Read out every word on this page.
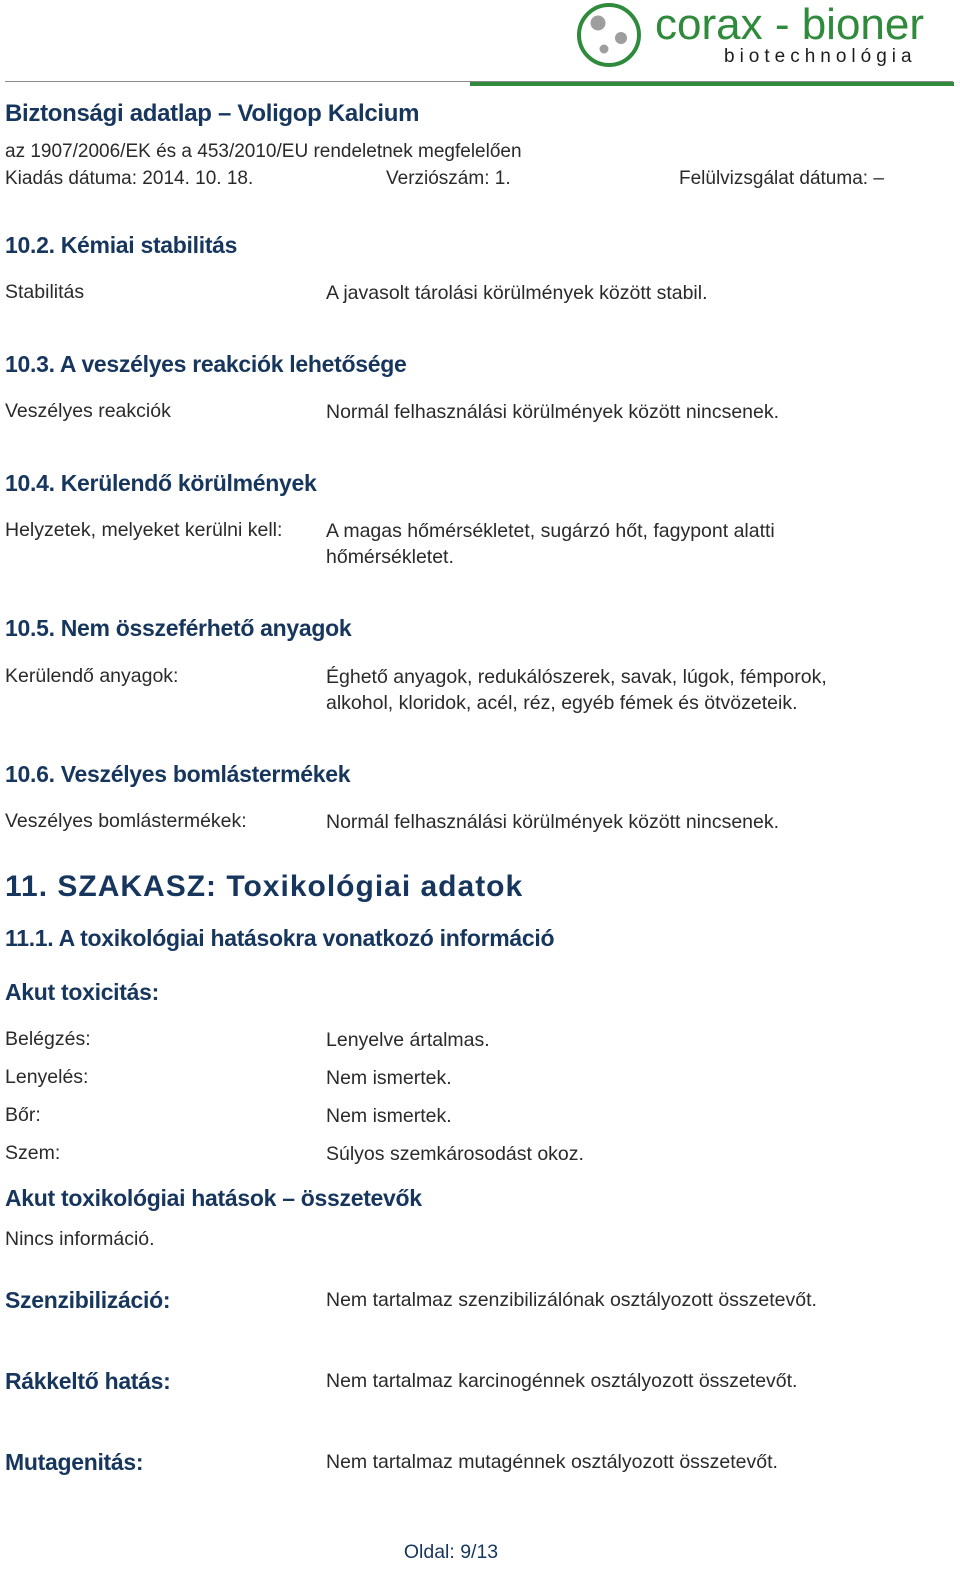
corax - bioner
biotechnológia
Biztonsági adatlap – Voligop Kalcium
az 1907/2006/EK és a 453/2010/EU rendeletnek megfelelően
Kiadás dátuma: 2014. 10. 18.	Verziószám: 1.	Felülvizsgálat dátuma: –
10.2. Kémiai stabilitás
Stabilitás	A javasolt tárolási körülmények között stabil.
10.3. A veszélyes reakciók lehetősége
Veszélyes reakciók	Normál felhasználási körülmények között nincsenek.
10.4. Kerülendő körülmények
Helyzetek, melyeket kerülni kell: A magas hőmérsékletet, sugárzó hőt, fagypont alatti hőmérsékletet.
10.5. Nem összeférhető anyagok
Kerülendő anyagok:	Éghető anyagok, redukálószerek, savak, lúgok, fémporok, alkohol, kloridok, acél, réz, egyéb fémek és ötvözeteik.
10.6. Veszélyes bomlástermékek
Veszélyes bomlástermékek:	Normál felhasználási körülmények között nincsenek.
11. SZAKASZ: Toxikológiai adatok
11.1. A toxikológiai hatásokra vonatkozó információ
Akut toxicitás:
Belégzés:	Lenyelve ártalmas.
Lenyelés:	Nem ismertek.
Bőr:	Nem ismertek.
Szem:	Súlyos szemkárosodást okoz.
Akut toxikológiai hatások – összetevők
Nincs információ.
Szenzibilizáció:	Nem tartalmaz szenzibilizálónak osztályozott összetevőt.
Rákkeltő hatás:	Nem tartalmaz karcinogénnek osztályozott összetevőt.
Mutagenitás:	Nem tartalmaz mutagénnek osztályozott összetevőt.
Oldal: 9/13
